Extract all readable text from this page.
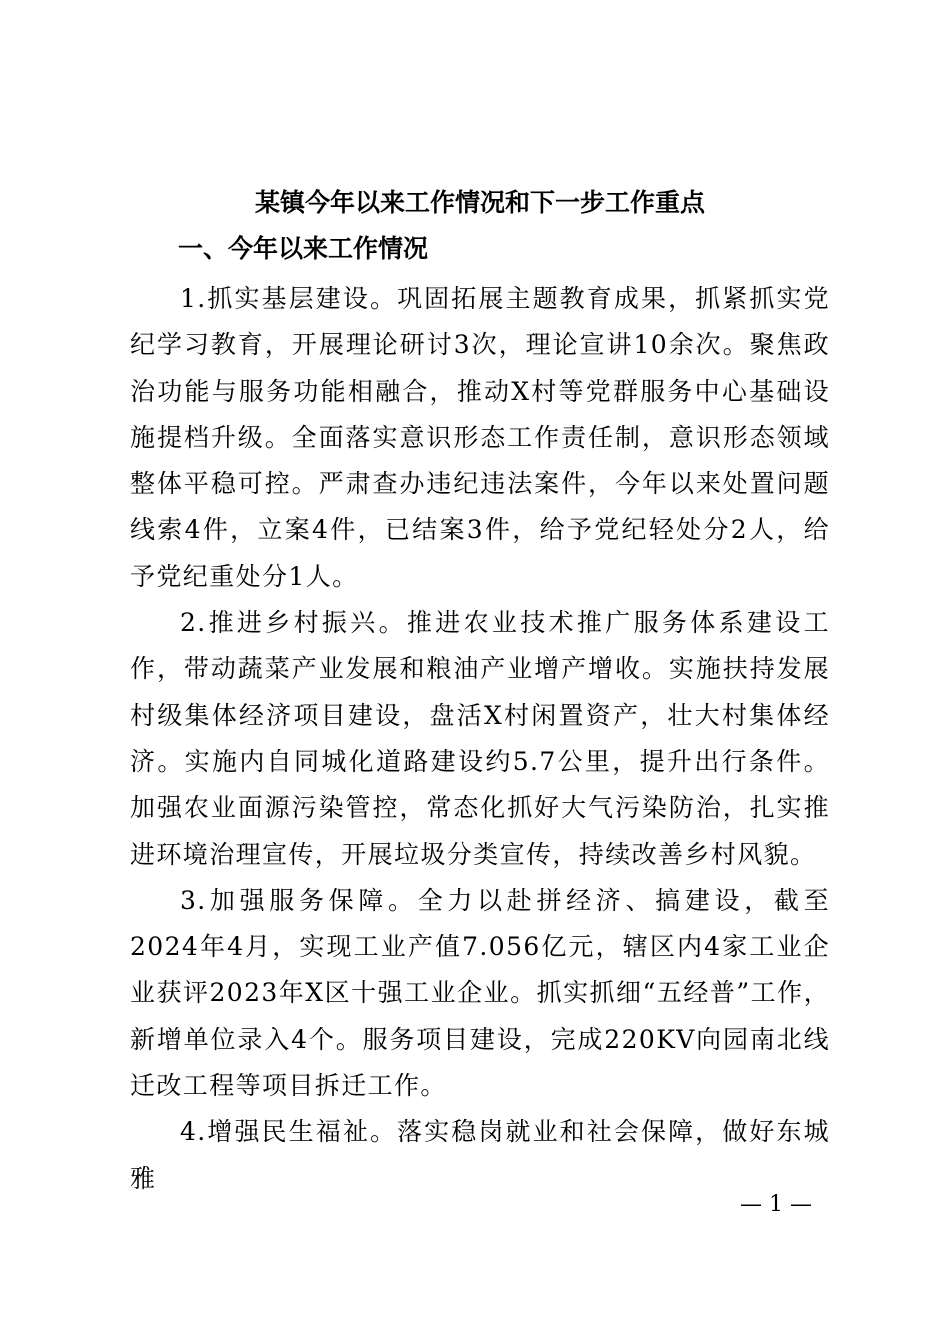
某镇今年以来工作情况和下一步工作重点
一、今年以来工作情况

1.抓实基层建设。巩固拓展主题教育成果，抓紧抓实党纪学习教育，开展理论研讨3次，理论宣讲10余次。聚焦政治功能与服务功能相融合，推动X村等党群服务中心基础设施提档升级。全面落实意识形态工作责任制，意识形态领域整体平稳可控。严肃查办违纪违法案件，今年以来处置问题线索4件，立案4件，已结案3件，给予党纪轻处分2人，给予党纪重处分1人。

2.推进乡村振兴。推进农业技术推广服务体系建设工作，带动蔬菜产业发展和粮油产业增产增收。实施扶持发展村级集体经济项目建设，盘活X村闲置资产，壮大村集体经济。实施内自同城化道路建设约5.7公里，提升出行条件。加强农业面源污染管控，常态化抓好大气污染防治，扎实推进环境治理宣传，开展垃圾分类宣传，持续改善乡村风貌。

3.加强服务保障。全力以赴拼经济、搞建设，截至2024年4月，实现工业产值7.056亿元，辖区内4家工业企业获评2023年X区十强工业企业。抓实抓细“五经普”工作，新增单位录入4个。服务项目建设，完成220KV向园南北线迁改工程等项目拆迁工作。

4.增强民生福祉。落实稳岗就业和社会保障，做好东城雅

— 1 —
